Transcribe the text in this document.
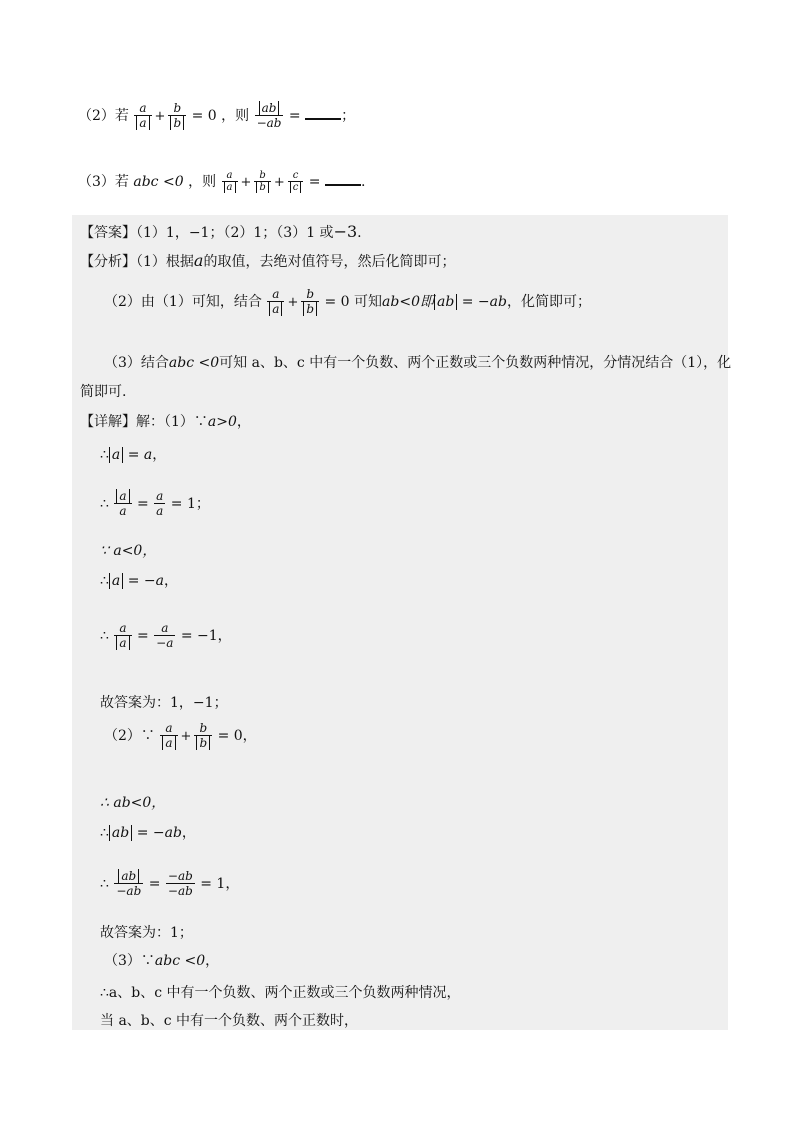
（2）若 $\frac{a}{a} + \frac{b}{b} = 0$ ，则 $\frac{ab}{-ab}$ =	；
（3）若 abc <0 ，则 $\frac{a}{a} + \frac{b}{b} + \frac{c}{c}$ =	.
【答案】（1）1，−1；（2）1；（3）1 或−3.
【分析】（1）根据a的取值，去绝对值符号，然后化简即可；
（2）由（1）可知，结合 $\frac{a}{a} + \frac{b}{b} = 0$ 可知ab<0即 ab = −ab，化简即可；
（3）结合abc <0可知 a、b、c 中有一个负数、两个正数或三个负数两种情况，分情况结合（1），化
简即可.
【详解】解：（1）∵a>0，
∴ a = a，
∴ $\frac{a}{a} = \frac{a}{a} = 1$；
∵ a<0，
∴ a = −a，
∴ $\frac{a}{a} = \frac{a}{-a} = -1$，
故答案为：1，−1；
（2）∵ $\frac{a}{a} + \frac{b}{b} = 0$，
∴ ab<0，
∴ ab = −ab，
∴ $\frac{ab}{-ab} = \frac{-ab}{-ab} = 1$，
故答案为：1；
（3）∵abc <0，
∴a、b、c 中有一个负数、两个正数或三个负数两种情况，
当 a、b、c 中有一个负数、两个正数时，
